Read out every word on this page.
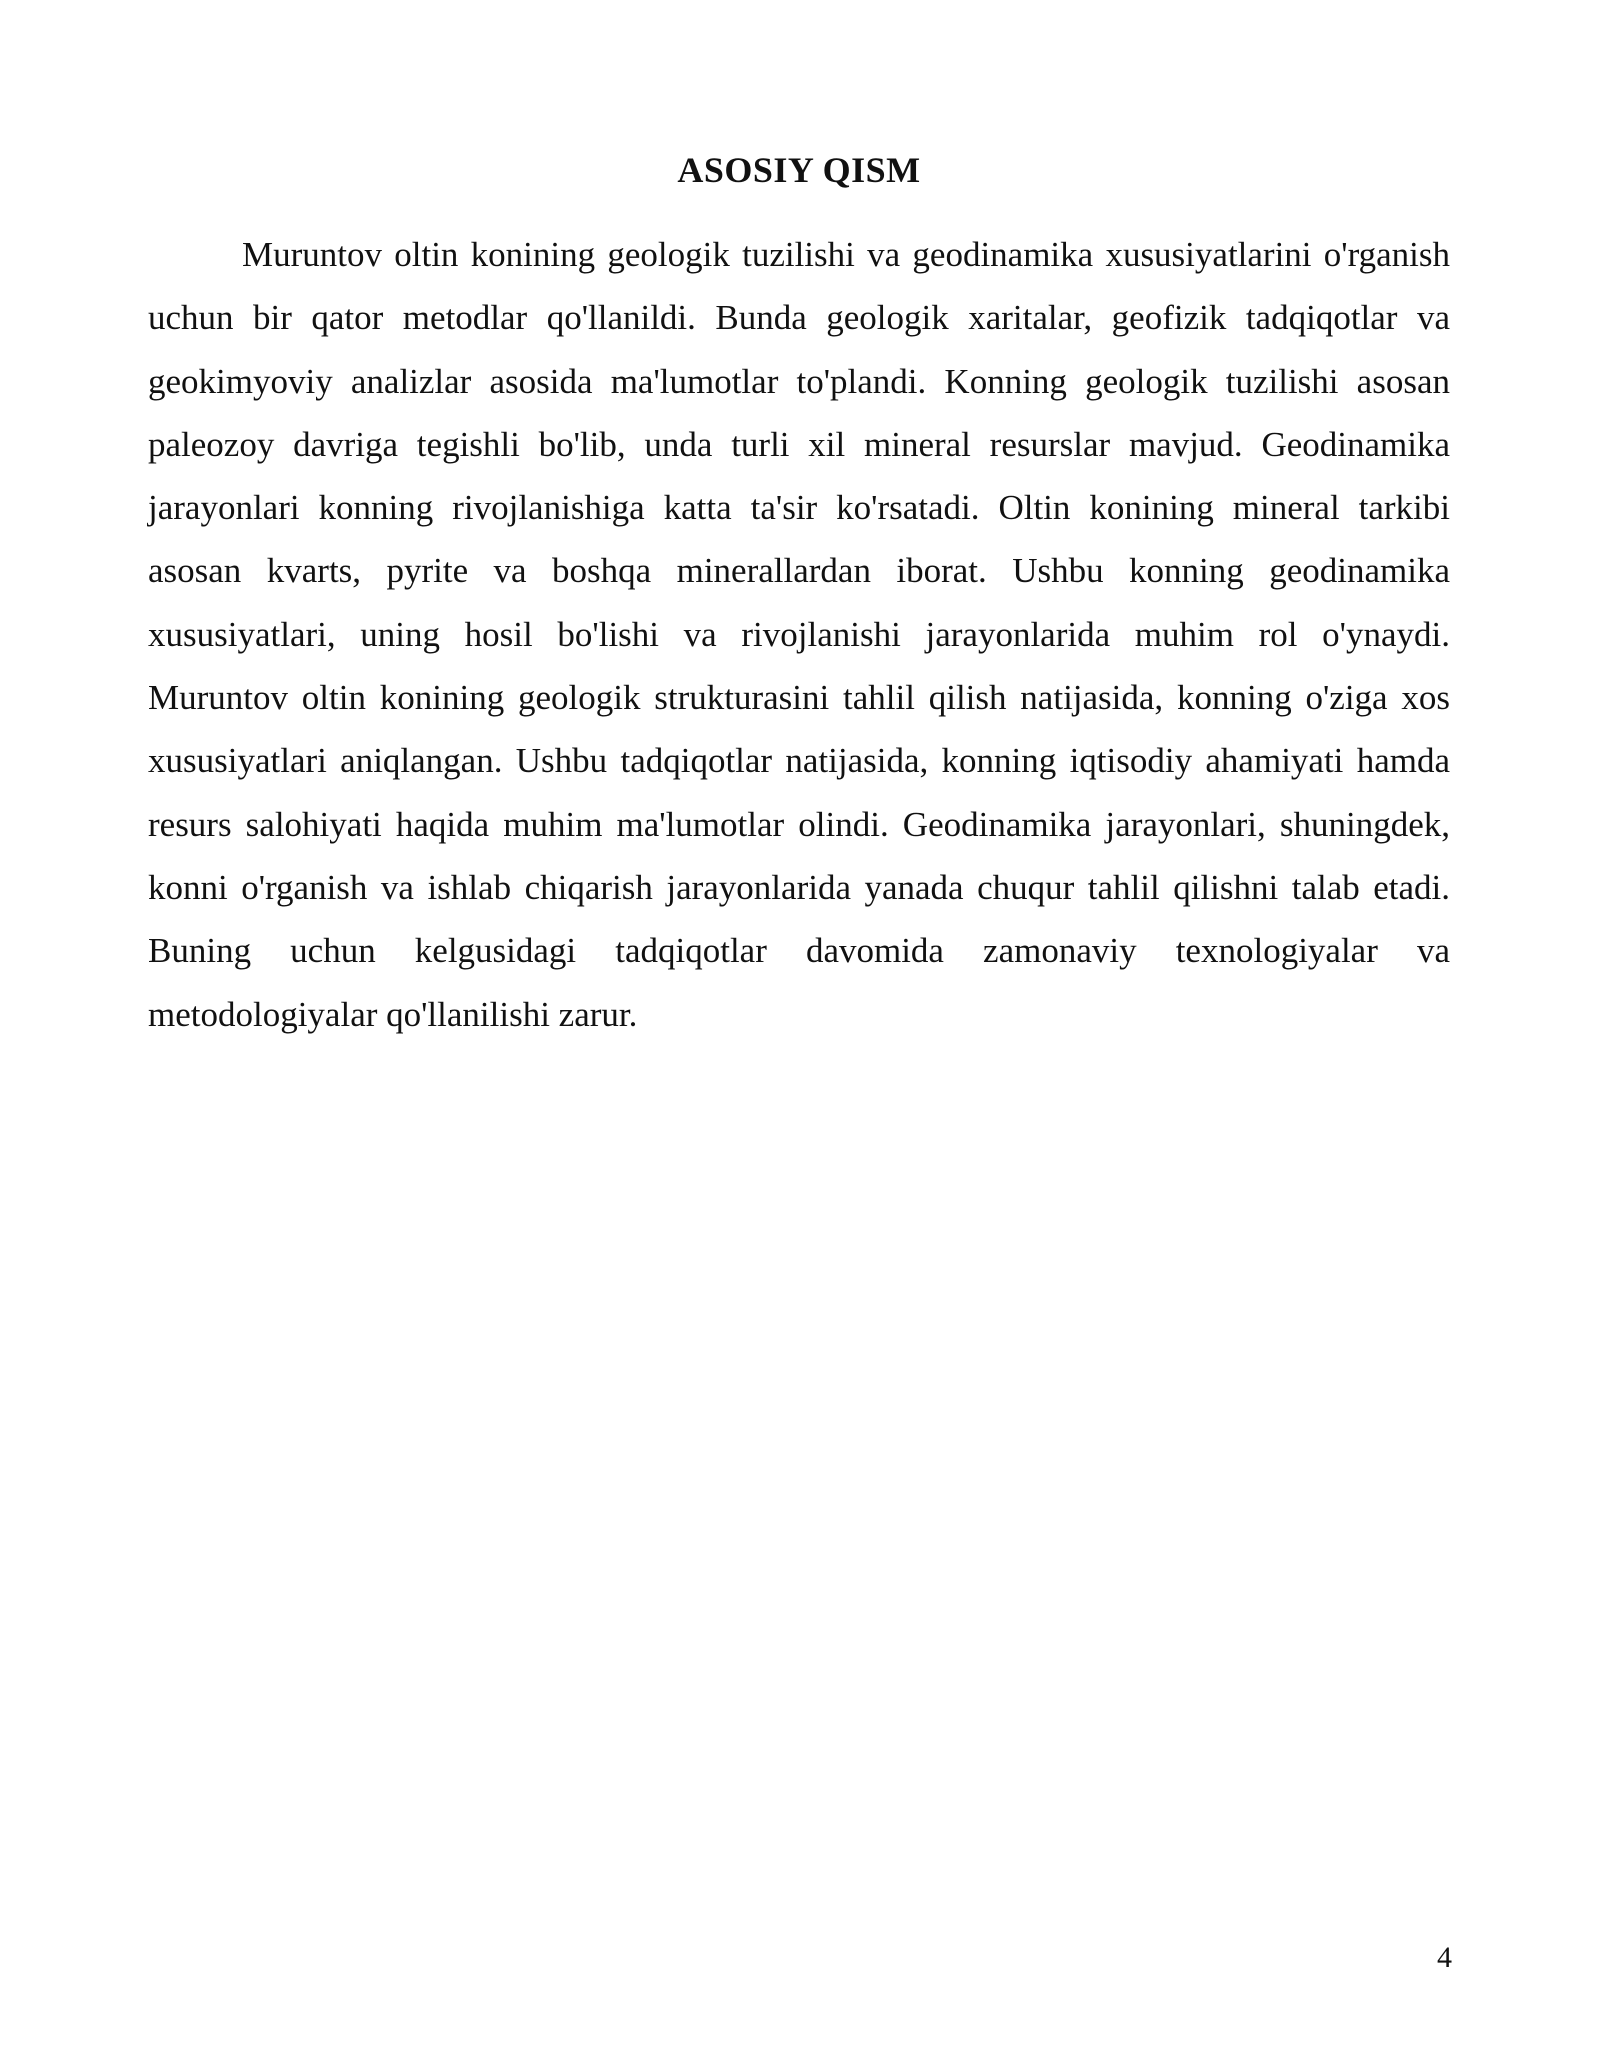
ASOSIY QISM

Muruntov oltin konining geologik tuzilishi va geodinamika xususiyatlarini o'rganish uchun bir qator metodlar qo'llanildi. Bunda geologik xaritalar, geofizik tadqiqotlar va geokimyoviy analizlar asosida ma'lumotlar to'plandi. Konning geologik tuzilishi asosan paleozoy davriga tegishli bo'lib, unda turli xil mineral resurslar mavjud. Geodinamika jarayonlari konning rivojlanishiga katta ta'sir ko'rsatadi. Oltin konining mineral tarkibi asosan kvarts, pyrite va boshqa minerallardan iborat. Ushbu konning geodinamika xususiyatlari, uning hosil bo'lishi va rivojlanishi jarayonlarida muhim rol o'ynaydi. Muruntov oltin konining geologik strukturasini tahlil qilish natijasida, konning o'ziga xos xususiyatlari aniqlangan. Ushbu tadqiqotlar natijasida, konning iqtisodiy ahamiyati hamda resurs salohiyati haqida muhim ma'lumotlar olindi. Geodinamika jarayonlari, shuningdek, konni o'rganish va ishlab chiqarish jarayonlarida yanada chuqur tahlil qilishni talab etadi. Buning uchun kelgusidagi tadqiqotlar davomida zamonaviy texnologiyalar va metodologiyalar qo'llanilishi zarur.

4
